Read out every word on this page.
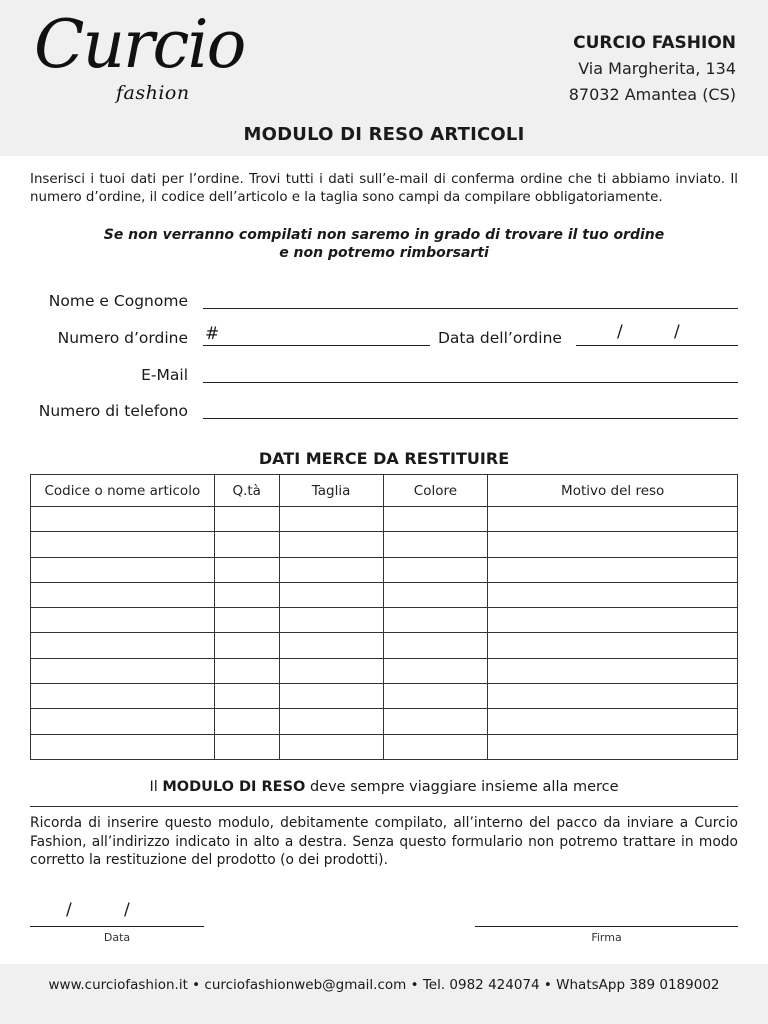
Curcio
fashion
CURCIO FASHION
Via Margherita, 134
87032 Amantea (CS)
MODULO DI RESO ARTICOLI
Inserisci i tuoi dati per l’ordine. Trovi tutti i dati sull’e-mail di conferma ordine che ti abbiamo inviato. Il numero d’ordine, il codice dell’articolo e la taglia sono campi da compilare obbligatoriamente.
Se non verranno compilati non saremo in grado di trovare il tuo ordine
e non potremo rimborsarti
Nome e Cognome
Numero d’ordine #	Data dell’ordine	/	/
E-Mail
Numero di telefono
DATI MERCE DA RESTITUIRE
Codice o nome articolo	Q.tà	Taglia	Colore	Motivo del reso

Il MODULO DI RESO deve sempre viaggiare insieme alla merce
Ricorda di inserire questo modulo, debitamente compilato, all’interno del pacco da inviare a Curcio Fashion, all’indirizzo indicato in alto a destra. Senza questo formulario non potremo trattare in modo corretto la restituzione del prodotto (o dei prodotti).
/	/
Data	Firma
www.curciofashion.it • curciofashionweb@gmail.com • Tel. 0982 424074 • WhatsApp 389 0189002
